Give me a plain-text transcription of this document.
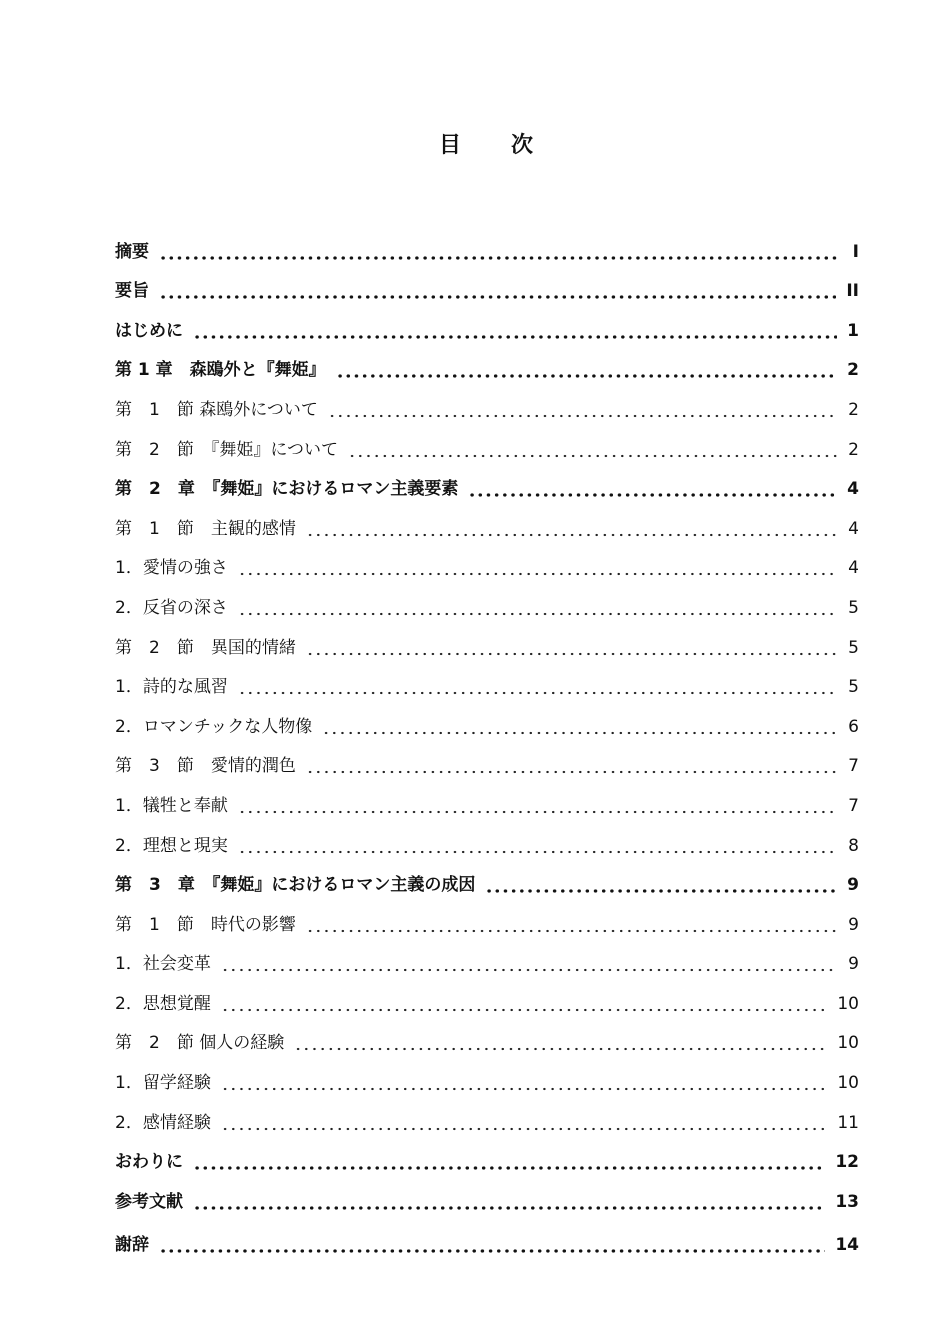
目　次
摘要	I
要旨	II
はじめに	1
第 1 章　森鴎外と『舞姫』	2
第　1　節 森鴎外について	2
第　2　節　『舞姫』について	2
第　2　章　『舞姫』におけるロマン主義要素	4
第　1　節　主観的感情	4
1．愛情の強さ	4
2．反省の深さ	5
第　2　節　異国的情緒	5
1．詩的な風習	5
2．ロマンチックな人物像	6
第　3　節　愛情的潤色	7
1．犠牲と奉献	7
2．理想と現実	8
第　3　章　『舞姫』におけるロマン主義の成因	9
第　1　節　時代の影響	9
1．社会変革	9
2．思想覚醒	10
第　2　節 個人の経験	10
1．留学経験	10
2．感情経験	11
おわりに	12
参考文献	13
謝辞	14
